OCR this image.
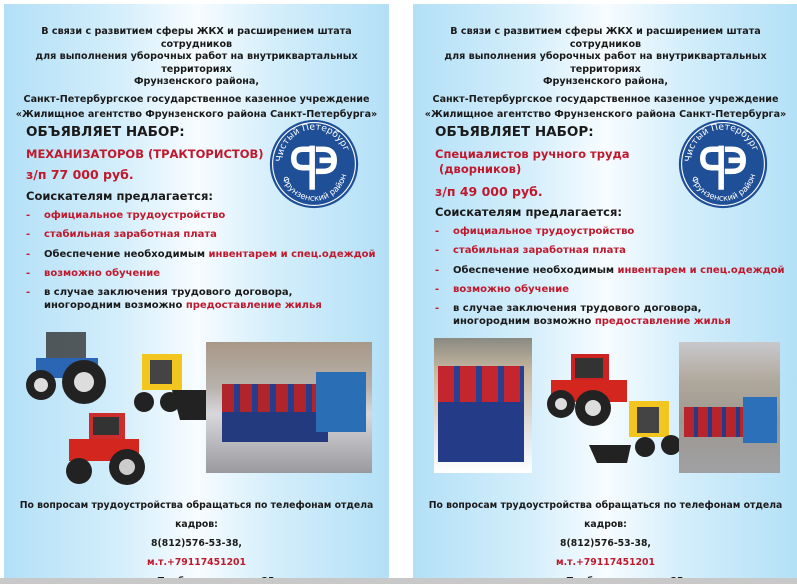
В связи с развитием сферы ЖКХ и расширением штата сотрудников
для выполнения уборочных работ на внутриквартальных территориях
Фрунзенского района,
Санкт-Петербургское государственное казенное учреждение
«Жилищное агентство Фрунзенского района Санкт-Петербурга»
ОБЪЯВЛЯЕТ НАБОР:
МЕХАНИЗАТОРОВ (ТРАКТОРИСТОВ)
з/п 77 000 руб.
Соискателям предлагается:
-	официальное трудоустройство
-	стабильная заработная плата
-	Обеспечение необходимым инвентарем и спец.одеждой
-	возможно обучение
-	в случае заключения трудового договора, иногородним возможно предоставление жилья
Чистый Петербург
Фрунзенский район
По вопросам трудоустройства обращаться по телефонам отдела кадров:
8(812)576-53-38,
м.т.+79117451201
В связи с развитием сферы ЖКХ и расширением штата сотрудников
для выполнения уборочных работ на внутриквартальных территориях
Фрунзенского района,
Санкт-Петербургское государственное казенное учреждение
«Жилищное агентство Фрунзенского района Санкт-Петербурга»
ОБЪЯВЛЯЕТ НАБОР:
Специалистов ручного труда
(дворников)
з/п 49 000 руб.
Соискателям предлагается:
-	официальное трудоустройство
-	стабильная заработная плата
-	Обеспечение необходимым инвентарем и спец.одеждой
-	возможно обучение
-	в случае заключения трудового договора, иногородним возможно предоставление жилья
Чистый Петербург
Фрунзенский район
По вопросам трудоустройства обращаться по телефонам отдела кадров:
8(812)576-53-38,
м.т.+79117451201
